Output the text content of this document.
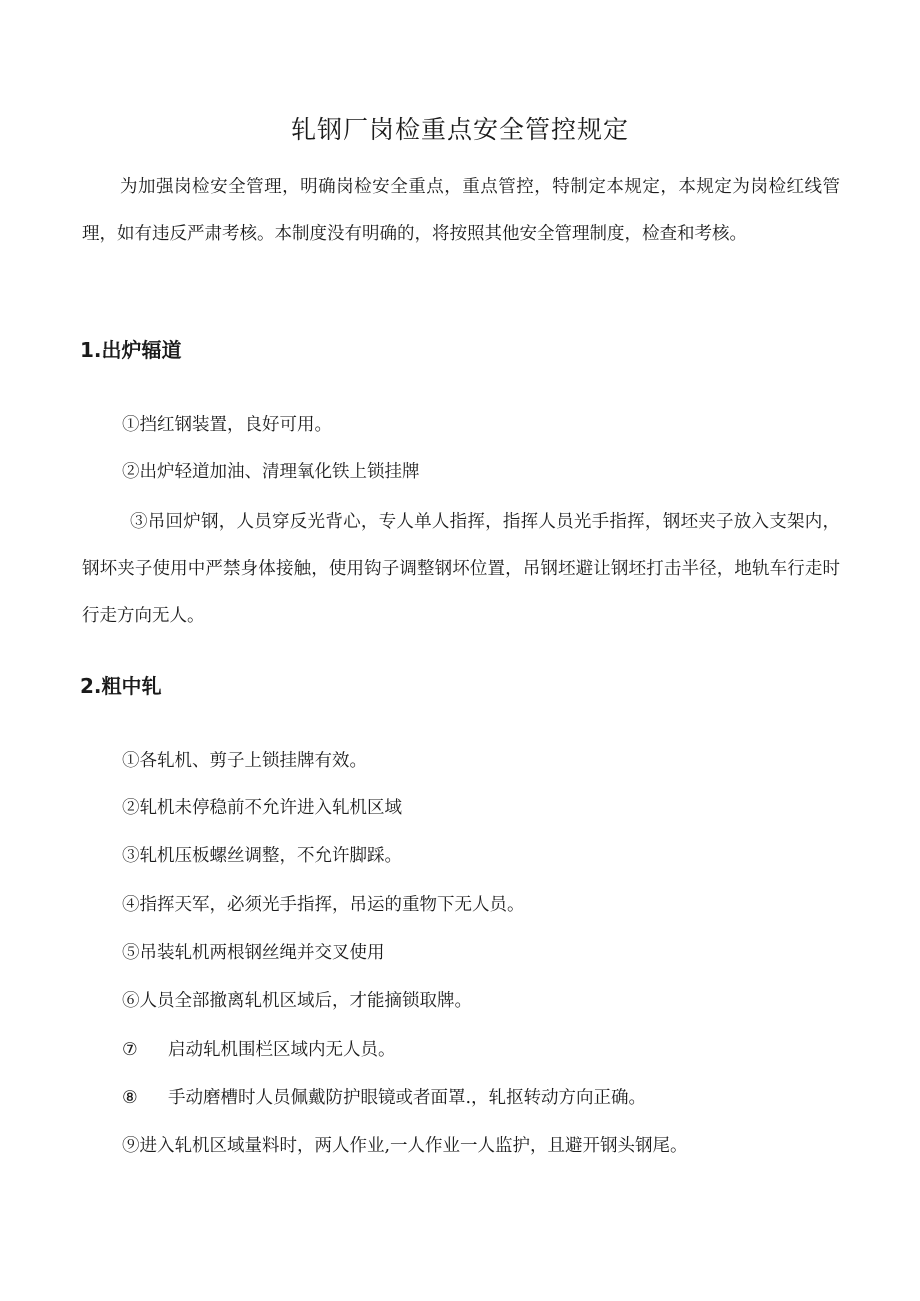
轧钢厂岗检重点安全管控规定

为加强岗检安全管理，明确岗检安全重点，重点管控，特制定本规定，本规定为岗检红线管理，如有违反严肃考核。本制度没有明确的，将按照其他安全管理制度，检查和考核。

1.出炉辐道

①挡红钢装置，良好可用。

②出炉轻道加油、清理氧化铁上锁挂牌

③吊回炉钢，人员穿反光背心，专人单人指挥，指挥人员光手指挥，钢坯夹子放入支架内，钢坏夹子使用中严禁身体接触，使用钩子调整钢坏位置，吊钢坯避让钢坯打击半径，地轨车行走时行走方向无人。

2.粗中轧

①各轧机、剪子上锁挂牌有效。

②轧机未停稳前不允许进入轧机区域

③轧机压板螺丝调整，不允许脚踩。

④指挥天军，必须光手指挥，吊运的重物下无人员。

⑤吊装轧机两根钢丝绳并交叉使用

⑥人员全部撤离轧机区域后，才能摘锁取牌。

⑦ 启动轧机围栏区域内无人员。

⑧ 手动磨槽时人员佩戴防护眼镜或者面罩.，轧抠转动方向正确。

⑨进入轧机区域量料时，两人作业,一人作业一人监护，且避开钢头钢尾。
